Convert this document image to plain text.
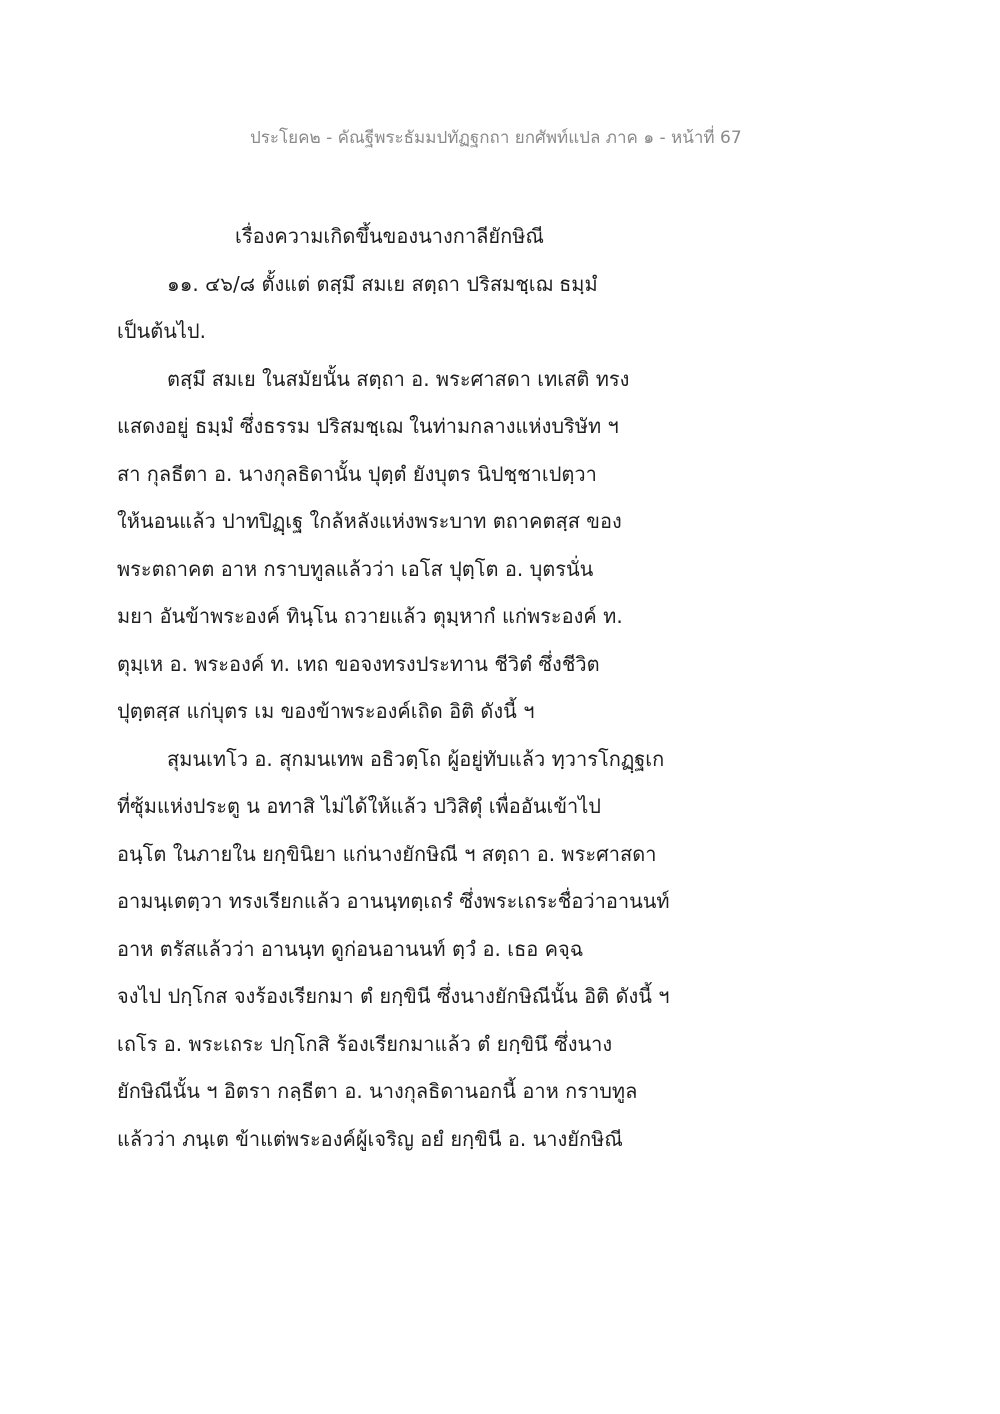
ประโยค๒ - คัณฐีพระธัมมปทัฏฐกถา ยกศัพท์แปล ภาค ๑ - หน้าที่ 67
เรื่องความเกิดขึ้นของนางกาลียักษิณี
๑๑. ๔๖/๘ ตั้งแต่ ตสฺมึ สมเย สตฺถา ปริสมชฺเฌ ธมฺมํ
เป็นต้นไป.
ตสฺมึ สมเย ในสมัยนั้น สตฺถา อ. พระศาสดา เทเสติ ทรง
แสดงอยู่ ธมฺมํ ซึ่งธรรม ปริสมชฺเฌ ในท่ามกลางแห่งบริษัท ฯ
สา กุลธีตา อ. นางกุลธิดานั้น ปุตฺตํ ยังบุตร นิปชฺชาเปตฺวา
ให้นอนแล้ว ปาทปิฏฺเฐ ใกล้หลังแห่งพระบาท ตถาคตสฺส ของ
พระตถาคต อาห กราบทูลแล้วว่า เอโส ปุตฺโต อ. บุตรนั่น
มยา อันข้าพระองค์ ทินฺโน ถวายแล้ว ตุมฺหากํ แก่พระองค์ ท.
ตุมฺเห อ. พระองค์ ท. เทถ ขอจงทรงประทาน ชีวิตํ ซึ่งชีวิต
ปุตฺตสฺส แก่บุตร เม ของข้าพระองค์เถิด อิติ ดังนี้ ฯ
สุมนเทโว อ. สุกมนเทพ อธิวตฺโถ ผู้อยู่ทับแล้ว ทฺวารโกฏฺฐเก
ที่ซุ้มแห่งประตู น อทาสิ ไม่ได้ให้แล้ว ปวิสิตุํ เพื่ออันเข้าไป
อนฺโต ในภายใน ยกฺขินิยา แก่นางยักษิณี ฯ สตฺถา อ. พระศาสดา
อามนฺเตตฺวา ทรงเรียกแล้ว อานนฺทตฺเถรํ ซึ่งพระเถระชื่อว่าอานนท์
อาห ตรัสแล้วว่า อานนฺท ดูก่อนอานนท์ ตฺวํ อ. เธอ คจฺฉ
จงไป ปกฺโกส จงร้องเรียกมา ตํ ยกฺขินี ซึ่งนางยักษิณีนั้น อิติ ดังนี้ ฯ
เถโร อ. พระเถระ ปกฺโกสิ ร้องเรียกมาแล้ว ตํ ยกฺขินึ ซึ่งนาง
ยักษิณีนั้น ฯ อิตรา กลฺธีตา อ. นางกุลธิดานอกนี้ อาห กราบทูล
แล้วว่า ภนฺเต ข้าแต่พระองค์ผู้เจริญ อยํ ยกฺขินี อ. นางยักษิณี
